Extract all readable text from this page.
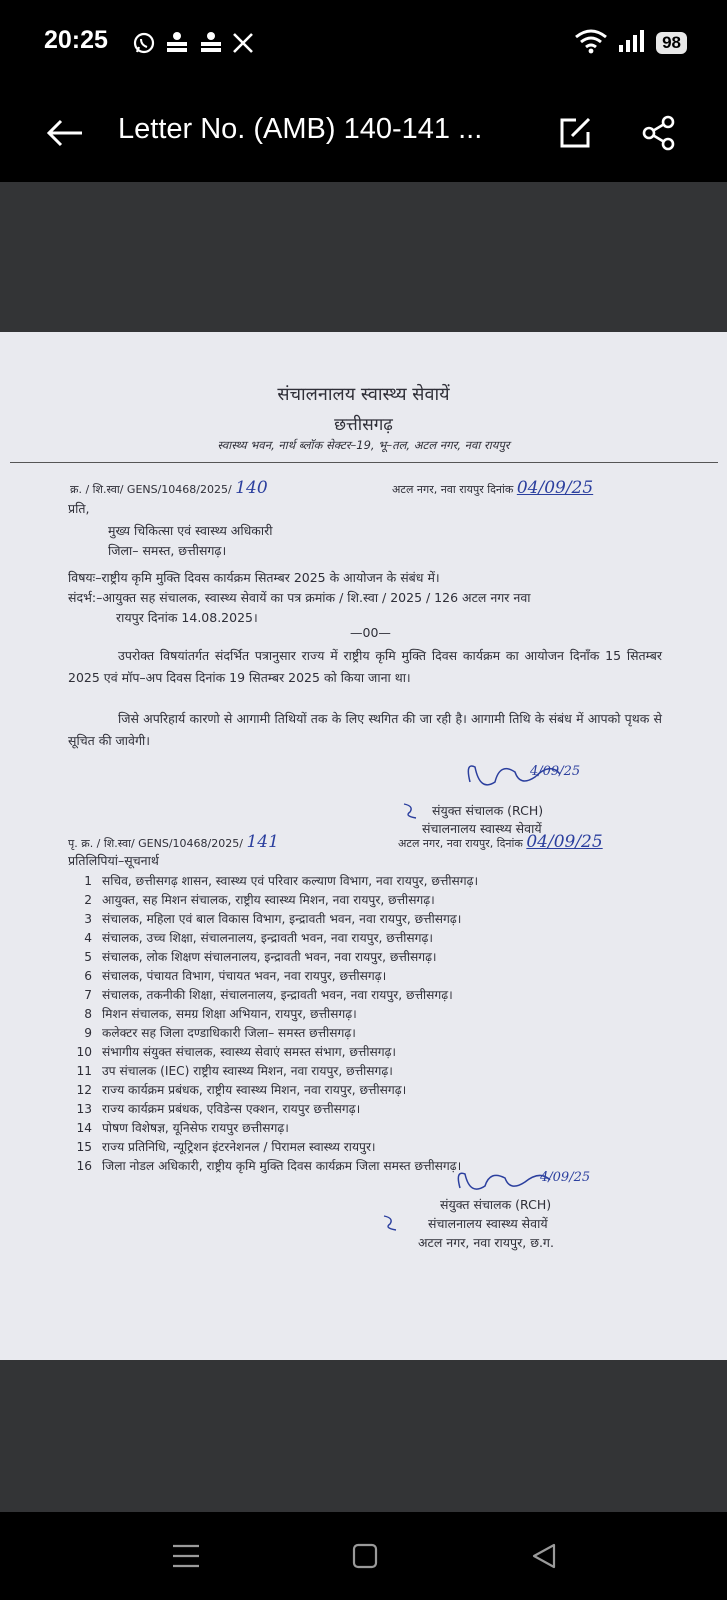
20:25	98
Letter No. (AMB) 140-141 ...
संचालनालय स्वास्थ्य सेवायें
छत्तीसगढ़
स्वास्थ्य भवन, नार्थ ब्लॉक सेक्टर–19, भू–तल, अटल नगर, नवा रायपुर
क्र. / शि.स्वा/ GENS/10468/2025/ 140	अटल नगर, नवा रायपुर दिनांक 04/09/25
प्रति,
मुख्य चिकित्सा एवं स्वास्थ्य अधिकारी
जिला– समस्त, छत्तीसगढ़।
विषयः–राष्ट्रीय कृमि मुक्ति दिवस कार्यक्रम सितम्बर 2025 के आयोजन के संबंध में।
संदर्भ:–आयुक्त सह संचालक, स्वास्थ्य सेवायें का पत्र क्रमांक / शि.स्वा / 2025 / 126 अटल नगर नवा
रायपुर दिनांक 14.08.2025।
—00—
उपरोक्त विषयांतर्गत संदर्भित पत्रानुसार राज्य में राष्ट्रीय कृमि मुक्ति दिवस कार्यक्रम का आयोजन दिनाँक 15 सितम्बर 2025 एवं मॉप–अप दिवस दिनांक 19 सितम्बर 2025 को किया जाना था।
जिसे अपरिहार्य कारणो से आगामी तिथियों तक के लिए स्थगित की जा रही है। आगामी तिथि के संबंध में आपको पृथक से सूचित की जावेगी।
4/09/25
संयुक्त संचालक (RCH)
संचालनालय स्वास्थ्य सेवायें
पृ. क्र. / शि.स्वा/ GENS/10468/2025/ 141	अटल नगर, नवा रायपुर, दिनांक 04/09/25
प्रतिलिपियां–सूचनार्थ
1 सचिव, छत्तीसगढ़ शासन, स्वास्थ्य एवं परिवार कल्याण विभाग, नवा रायपुर, छत्तीसगढ़।
2 आयुक्त, सह मिशन संचालक, राष्ट्रीय स्वास्थ्य मिशन, नवा रायपुर, छत्तीसगढ़।
3 संचालक, महिला एवं बाल विकास विभाग, इन्द्रावती भवन, नवा रायपुर, छत्तीसगढ़।
4 संचालक, उच्च शिक्षा, संचालनालय, इन्द्रावती भवन, नवा रायपुर, छत्तीसगढ़।
5 संचालक, लोक शिक्षण संचालनालय, इन्द्रावती भवन, नवा रायपुर, छत्तीसगढ़।
6 संचालक, पंचायत विभाग, पंचायत भवन, नवा रायपुर, छत्तीसगढ़।
7 संचालक, तकनीकी शिक्षा, संचालनालय, इन्द्रावती भवन, नवा रायपुर, छत्तीसगढ़।
8 मिशन संचालक, समग्र शिक्षा अभियान, रायपुर, छत्तीसगढ़।
9 कलेक्टर सह जिला दण्डाधिकारी जिला– समस्त छत्तीसगढ़।
10 संभागीय संयुक्त संचालक, स्वास्थ्य सेवाएं समस्त संभाग, छत्तीसगढ़।
11 उप संचालक (IEC) राष्ट्रीय स्वास्थ्य मिशन, नवा रायपुर, छत्तीसगढ़।
12 राज्य कार्यक्रम प्रबंधक, राष्ट्रीय स्वास्थ्य मिशन, नवा रायपुर, छत्तीसगढ़।
13 राज्य कार्यक्रम प्रबंधक, एविडेन्स एक्शन, रायपुर छत्तीसगढ़।
14 पोषण विशेषज्ञ, यूनिसेफ रायपुर छत्तीसगढ़।
15 राज्य प्रतिनिधि, न्यूट्रिशन इंटरनेशनल / पिरामल स्वास्थ्य रायपुर।
16 जिला नोडल अधिकारी, राष्ट्रीय कृमि मुक्ति दिवस कार्यक्रम जिला समस्त छत्तीसगढ़।
4/09/25
संयुक्त संचालक (RCH)
संचालनालय स्वास्थ्य सेवायें
अटल नगर, नवा रायपुर, छ.ग.
